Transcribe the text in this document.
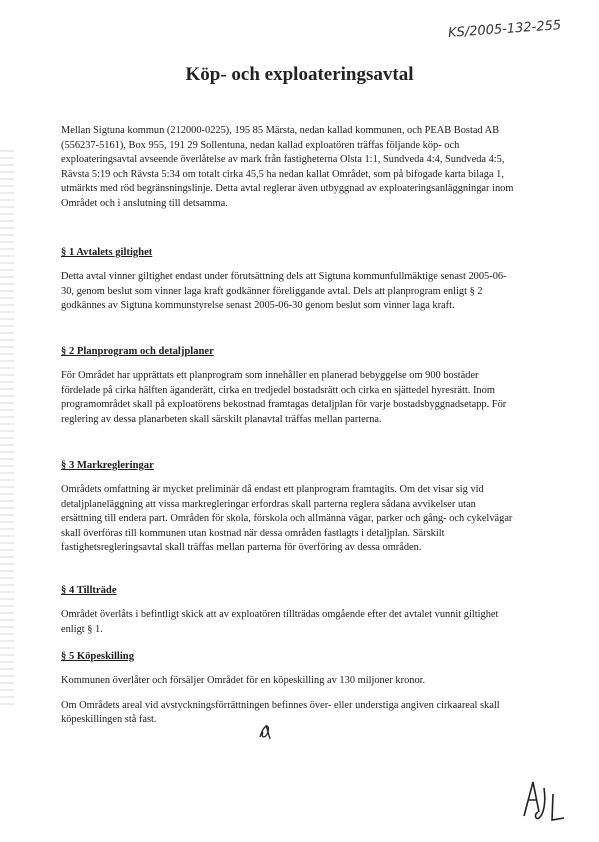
KS/2005-132-255
Köp- och exploateringsavtal

Mellan Sigtuna kommun (212000-0225), 195 85 Märsta, nedan kallad kommunen, och PEAB Bostad AB (556237-5161), Box 955, 191 29 Sollentuna, nedan kallad exploatören träffas följande köp- och exploateringsavtal avseende överlåtelse av mark från fastigheterna Olsta 1:1, Sundveda 4:4, Sundveda 4:5, Rävsta 5:19 och Rävsta 5:34 om totalt cirka 45,5 ha nedan kallat Området, som på bifogade karta bilaga 1, utmärkts med röd begränsningslinje. Detta avtal reglerar även utbyggnad av exploateringsanläggningar inom Området och i anslutning till detsamma.

§ 1 Avtalets giltighet

Detta avtal vinner giltighet endast under förutsättning dels att Sigtuna kommunfullmäktige senast 2005-06-30, genom beslut som vinner laga kraft godkänner föreliggande avtal. Dels att planprogram enligt § 2 godkännes av Sigtuna kommunstyrelse senast 2005-06-30 genom beslut som vinner laga kraft.

§ 2 Planprogram och detaljplaner

För Området har upprättats ett planprogram som innehåller en planerad bebyggelse om 900 bostäder fördelade på cirka hälften äganderätt, cirka en tredjedel bostadsrätt och cirka en sjättedel hyresrätt. Inom programområdet skall på exploatörens bekostnad framtagas detaljplan för varje bostadsbyggnadsetapp. För reglering av dessa planarbeten skall särskilt planavtal träffas mellan parterna.

§ 3 Markregleringar

Områdets omfattning är mycket preliminär då endast ett planprogram framtagits. Om det visar sig vid detaljplaneläggning att vissa markregleringar erfordras skall parterna reglera sådana avvikelser utan ersättning till endera part. Områden för skola, förskola och allmänna vägar, parker och gång- och cykelvägar skall överföras till kommunen utan kostnad när dessa områden fastlagts i detaljplan. Särskilt fastighetsregleringsavtal skall träffas mellan parterna för överföring av dessa områden.

§ 4 Tillträde

Området överlåts i befintligt skick att av exploatören tillträdas omgående efter det avtalet vunnit giltighet enligt § 1.

§ 5 Köpeskilling

Kommunen överlåter och försäljer Området för en köpeskilling av 130 miljoner kronor.

Om Områdets areal vid avstyckningsförrättningen befinnes över- eller understiga angiven cirkaareal skall köpeskillingen stå fast.
